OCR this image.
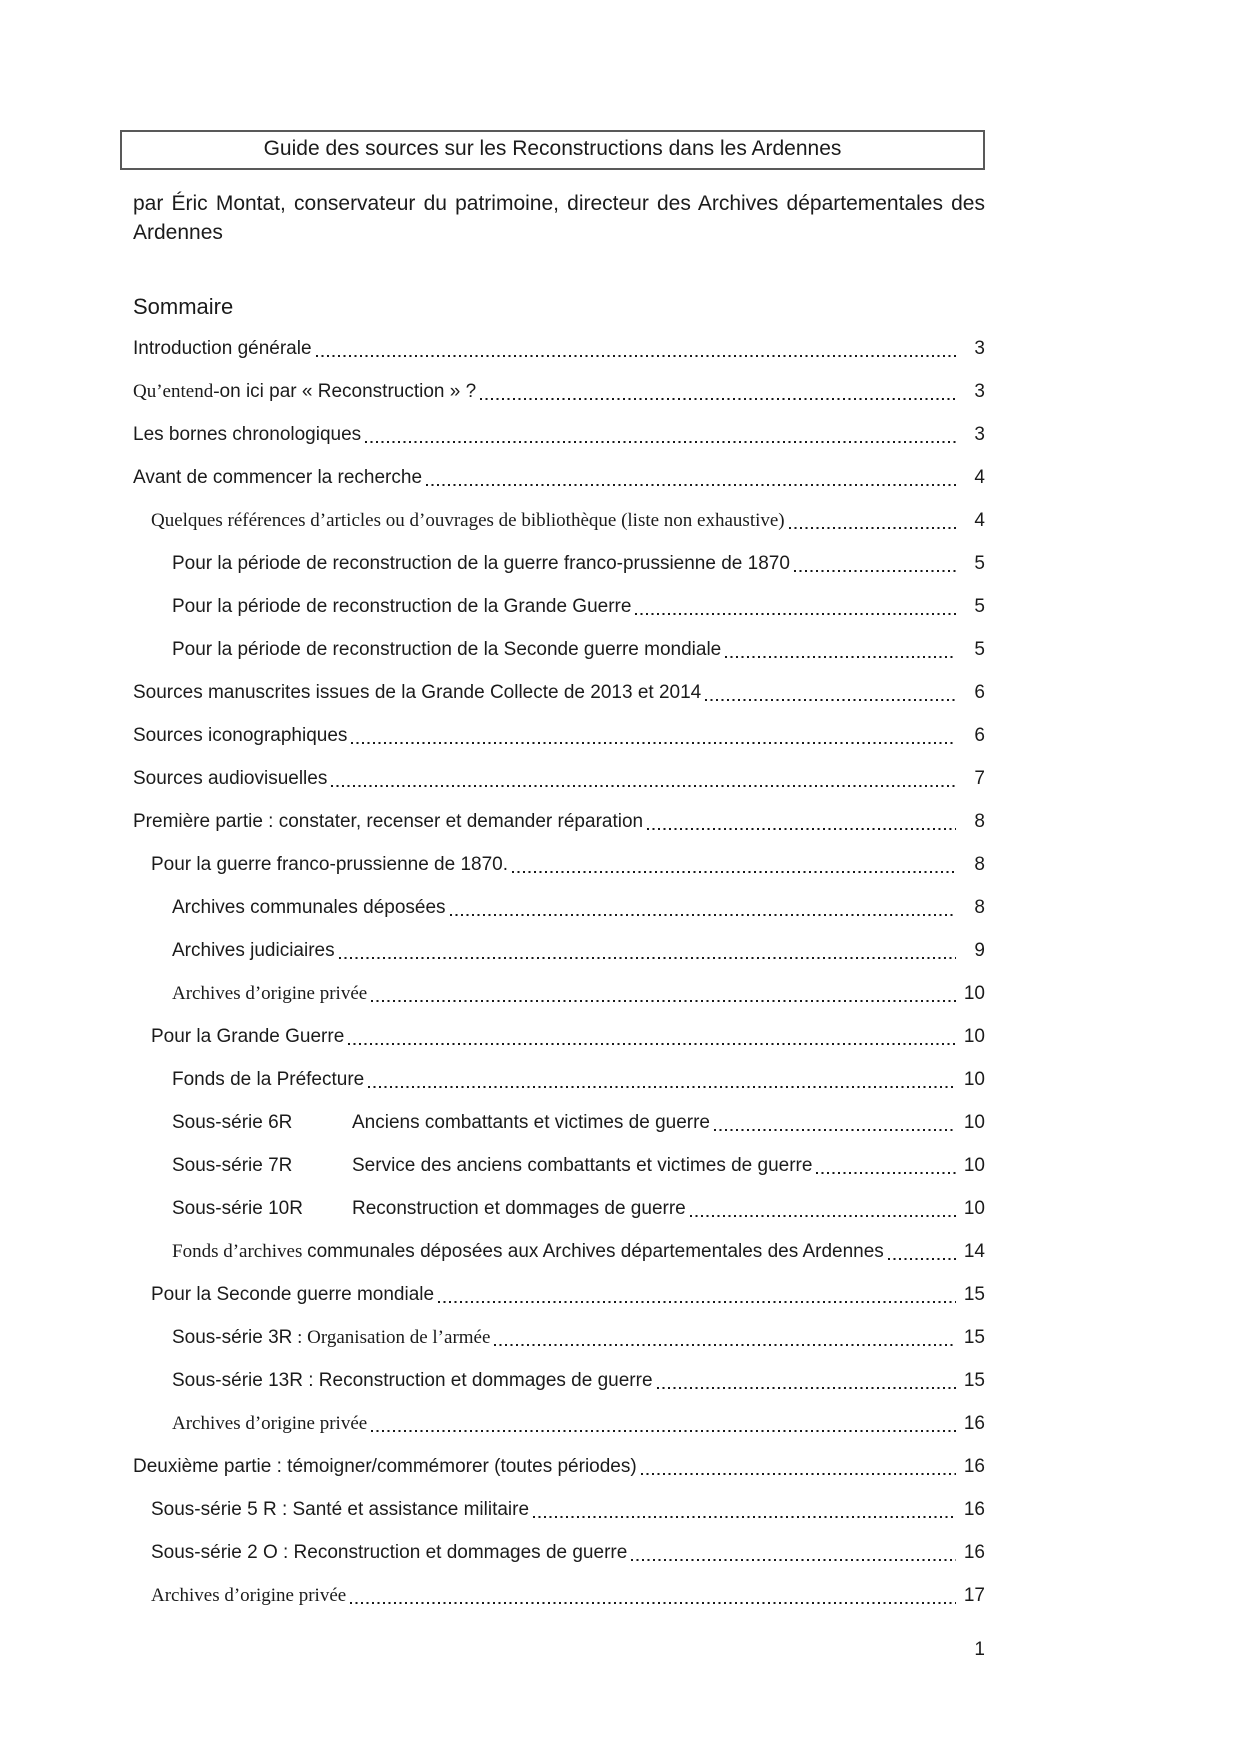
Guide des sources sur les Reconstructions dans les Ardennes

par Éric Montat, conservateur du patrimoine, directeur des Archives départementales des Ardennes

Sommaire
Introduction générale	3
Qu’entend-on ici par « Reconstruction » ?	3
Les bornes chronologiques	3
Avant de commencer la recherche	4
Quelques références d’articles ou d’ouvrages de bibliothèque (liste non exhaustive)	4
Pour la période de reconstruction de la guerre franco-prussienne de 1870	5
Pour la période de reconstruction de la Grande Guerre	5
Pour la période de reconstruction de la Seconde guerre mondiale	5
Sources manuscrites issues de la Grande Collecte de 2013 et 2014	6
Sources iconographiques	6
Sources audiovisuelles	7
Première partie : constater, recenser et demander réparation	8
Pour la guerre franco-prussienne de 1870.	8
Archives communales déposées	8
Archives judiciaires	9
Archives d’origine privée	10
Pour la Grande Guerre	10
Fonds de la Préfecture	10
Sous-série 6R	Anciens combattants et victimes de guerre	10
Sous-série 7R	Service des anciens combattants et victimes de guerre	10
Sous-série 10R	Reconstruction et dommages de guerre	10
Fonds d’archives communales déposées aux Archives départementales des Ardennes	14
Pour la Seconde guerre mondiale	15
Sous-série 3R : Organisation de l’armée	15
Sous-série 13R : Reconstruction et dommages de guerre	15
Archives d’origine privée	16
Deuxième partie : témoigner/commémorer (toutes périodes)	16
Sous-série 5 R : Santé et assistance militaire	16
Sous-série 2 O : Reconstruction et dommages de guerre	16
Archives d’origine privée	17
1
